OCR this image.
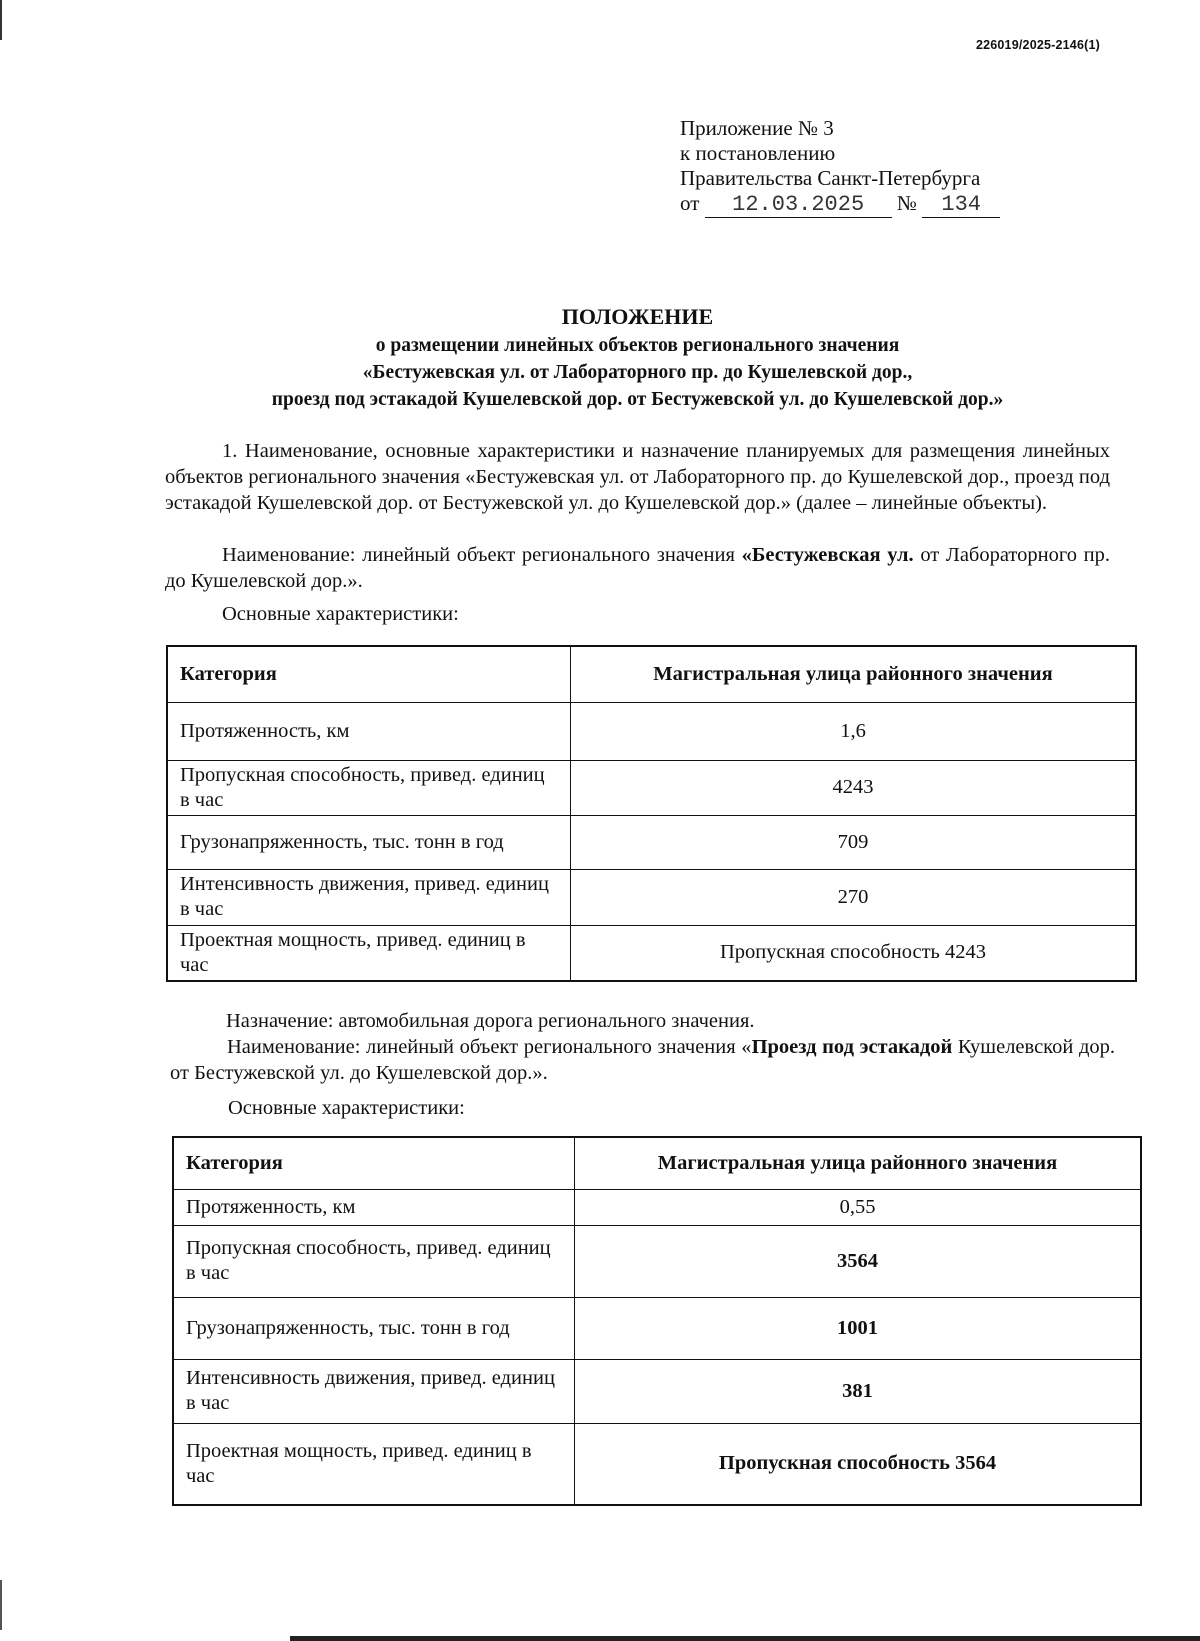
226019/2025-2146(1)
Приложение № 3
к постановлению
Правительства Санкт-Петербурга
от 12.03.2025 № 134
ПОЛОЖЕНИЕ
о размещении линейных объектов регионального значения
«Бестужевская ул. от Лабораторного пр. до Кушелевской дор.,
проезд под эстакадой Кушелевской дор. от Бестужевской ул. до Кушелевской дор.»

1. Наименование, основные характеристики и назначение планируемых для размещения линейных объектов регионального значения «Бестужевская ул. от Лабораторного пр. до Кушелевской дор., проезд под эстакадой Кушелевской дор. от Бестужевской ул. до Кушелевской дор.» (далее – линейные объекты).

Наименование: линейный объект регионального значения «Бестужевская ул. от Лабораторного пр. до Кушелевской дор.».

Основные характеристики:

Категория	Магистральная улица районного значения
Протяженность, км	1,6
Пропускная способность, привед. единиц в час	4243
Грузонапряженность, тыс. тонн в год	709
Интенсивность движения, привед. единиц в час	270
Проектная мощность, привед. единиц в час	Пропускная способность 4243

Назначение: автомобильная дорога регионального значения.

Наименование: линейный объект регионального значения «Проезд под эстакадой Кушелевской дор. от Бестужевской ул. до Кушелевской дор.».

Основные характеристики:

Категория	Магистральная улица районного значения
Протяженность, км	0,55
Пропускная способность, привед. единиц в час	3564
Грузонапряженность, тыс. тонн в год	1001
Интенсивность движения, привед. единиц в час	381
Проектная мощность, привед. единиц в час	Пропускная способность 3564
